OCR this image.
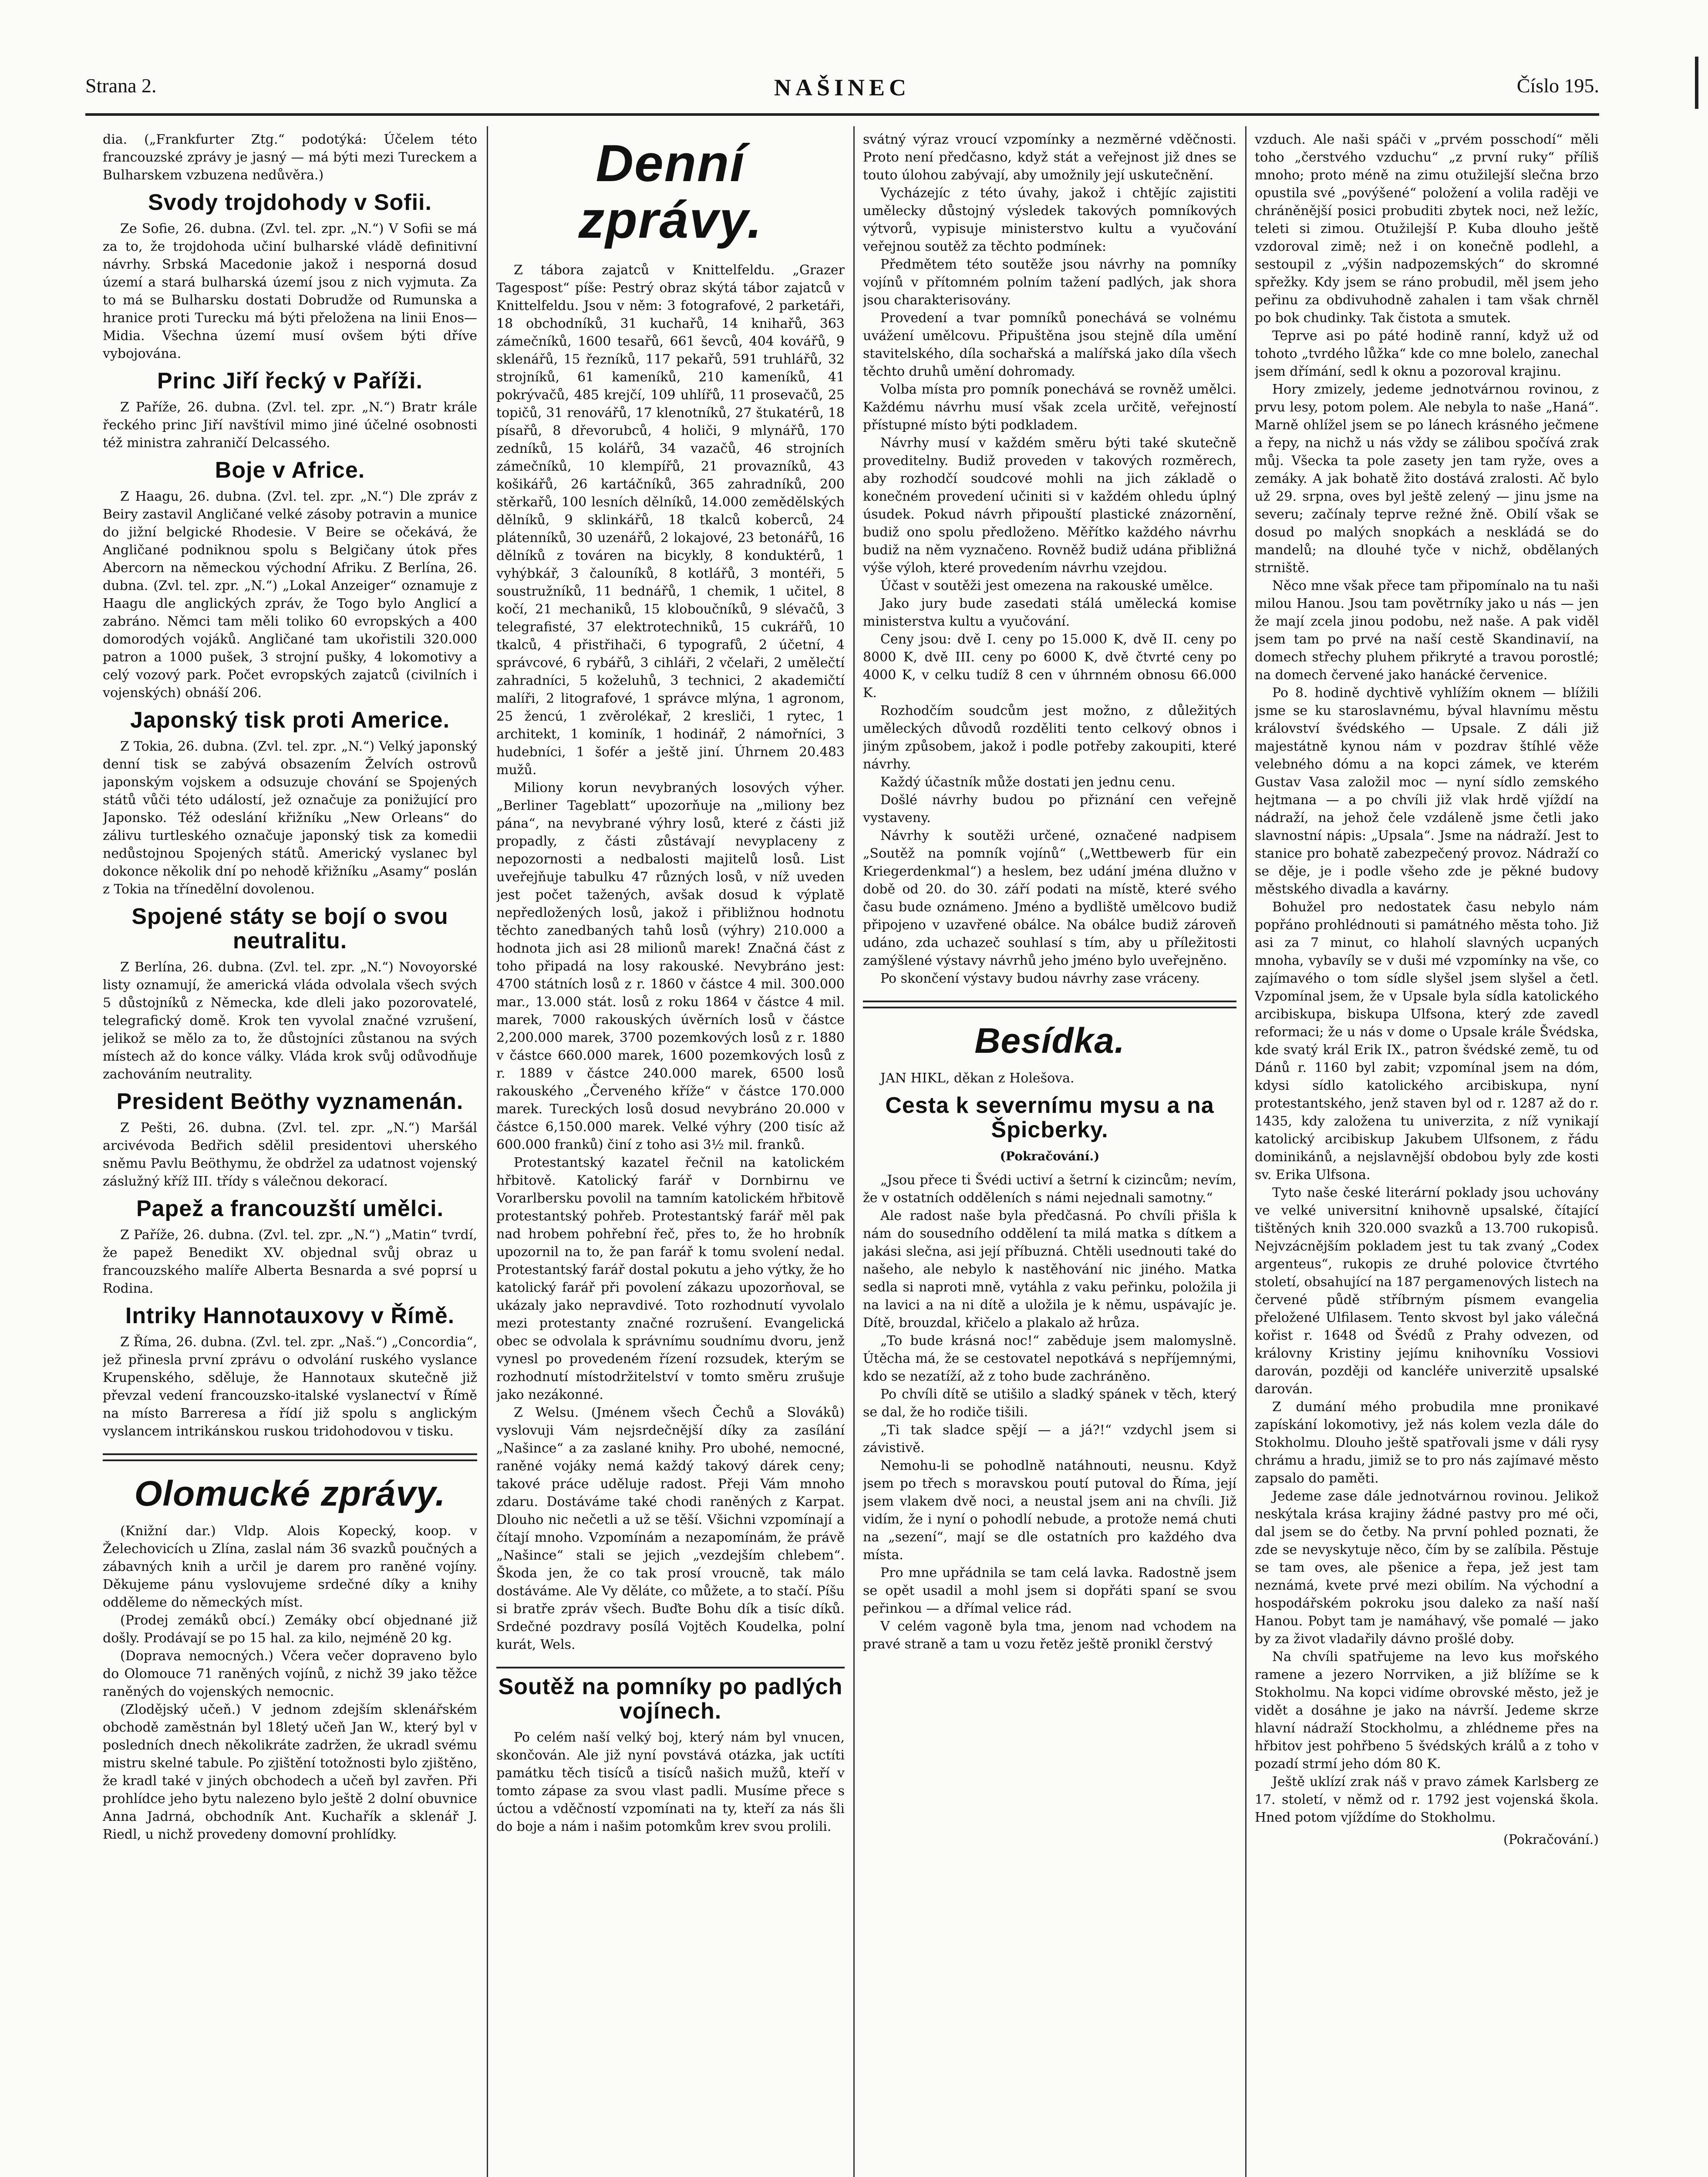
Strana 2.	NAŠINEC	Číslo 195.

dia. („Frankfurter Ztg.“ podotýká: Účelem této francouzské zprávy je jasný — má býti mezi Tureckem a Bulharskem vzbuzena nedůvěra.)

Svody trojdohody v Sofii.

Ze Sofie, 26. dubna. (Zvl. tel. zpr. „N.“) V Sofii se má za to, že trojdohoda učiní bulharské vládě definitivní návrhy. Srbská Macedonie jakož i nesporná dosud území a stará bulharská území jsou z nich vyjmuta. Za to má se Bulharsku dostati Dobrudže od Rumunska a hranice proti Turecku má býti přeložena na linii Enos—Midia. Všechna území musí ovšem býti dříve vybojována.

Princ Jiří řecký v Paříži.

Z Paříže, 26. dubna. (Zvl. tel. zpr. „N.“) Bratr krále řeckého princ Jiří navštívil mimo jiné účelné osobnosti též ministra zahraničí Delcassého.

Boje v Africe.

Z Haagu, 26. dubna. (Zvl. tel. zpr. „N.“) Dle zpráv z Beiry zastavil Angličané velké zásoby potravin a munice do jižní belgické Rhodesie. V Beire se očekává, že Angličané podniknou spolu s Belgičany útok přes Abercorn na německou východní Afriku. Z Berlína, 26. dubna. (Zvl. tel. zpr. „N.“) „Lokal Anzeiger“ oznamuje z Haagu dle anglických zpráv, že Togo bylo Anglicí a zabráno. Němci tam měli toliko 60 evropských a 400 domorodých vojáků. Angličané tam ukořistili 320.000 patron a 1000 pušek, 3 strojní pušky, 4 lokomotivy a celý vozový park. Počet evropských zajatců (civilních i vojenských) obnáší 206.

Japonský tisk proti Americe.

Z Tokia, 26. dubna. (Zvl. tel. zpr. „N.“) Velký japonský denní tisk se zabývá obsazením Želvích ostrovů japonským vojskem a odsuzuje chování se Spojených států vůči této událostí, jež označuje za ponižující pro Japonsko. Též odeslání křižníku „New Orleans“ do zálivu turtleského označuje japonský tisk za komedii nedůstojnou Spojených států. Americký vyslanec byl dokonce několik dní po nehodě křižníku „Asamy“ poslán z Tokia na třínedělní dovolenou.

Spojené státy se bojí o svou neutralitu.

Z Berlína, 26. dubna. (Zvl. tel. zpr. „N.“) Novoyorské listy oznamují, že americká vláda odvolala všech svých 5 důstojníků z Německa, kde dleli jako pozorovatelé, telegrafický domě. Krok ten vyvolal značné vzrušení, jelikož se mělo za to, že důstojníci zůstanou na svých místech až do konce války. Vláda krok svůj odůvodňuje zachováním neutrality.

President Beöthy vyznamenán.

Z Pešti, 26. dubna. (Zvl. tel. zpr. „N.“) Maršál arcivévoda Bedřich sdělil presidentovi uherského sněmu Pavlu Beöthymu, že obdržel za udatnost vojenský záslužný kříž III. třídy s válečnou dekorací.

Papež a francouzští umělci.

Z Paříže, 26. dubna. (Zvl. tel. zpr. „N.“) „Matin“ tvrdí, že papež Benedikt XV. objednal svůj obraz u francouzského malíře Alberta Besnarda a své poprsí u Rodina.

Intriky Hannotauxovy v Římě.

Z Říma, 26. dubna. (Zvl. tel. zpr. „Naš.“) „Concordia“, jež přinesla první zprávu o odvolání ruského vyslance Krupenského, sděluje, že Hannotaux skutečně již převzal vedení francouzsko-italské vyslanectví v Římě na místo Barreresa a řídí již spolu s anglickým vyslancem intrikánskou ruskou tridohodovou v tisku.

Olomucké zprávy.

(Knižní dar.) Vldp. Alois Kopecký, koop. v Želechovicích u Zlína, zaslal nám 36 svazků poučných a zábavných knih a určil je darem pro raněné vojíny. Děkujeme pánu vyslovujeme srdečné díky a knihy odděleme do německých míst.

(Prodej zemáků obcí.) Zemáky obcí objednané již došly. Prodávají se po 15 hal. za kilo, nejméně 20 kg.

(Doprava nemocných.) Včera večer dopraveno bylo do Olomouce 71 raněných vojínů, z nichž 39 jako těžce raněných do vojenských nemocnic.

(Zlodějský učeň.) V jednom zdejším sklenářském obchodě zaměstnán byl 18letý učeň Jan W., který byl v posledních dnech několikráte zadržen, že ukradl svému mistru skelné tabule. Po zjištění totožnosti bylo zjištěno, že kradl také v jiných obchodech a učeň byl zavřen. Při prohlídce jeho bytu nalezeno bylo ještě 2 dolní obuvnice Anna Jadrná, obchodník Ant. Kuchařík a sklenář J. Riedl, u nichž provedeny domovní prohlídky.

Denní zprávy.

Z tábora zajatců v Knittelfeldu. „Grazer Tagespost“ píše: Pestrý obraz skýtá tábor zajatců v Knittelfeldu. Jsou v něm: 3 fotografové, 2 parketáři, 18 obchodníků, 31 kuchařů, 14 knihařů, 363 zámečníků, 1600 tesařů, 661 ševců, 404 kovářů, 9 sklenářů, 15 řezníků, 117 pekařů, 591 truhlářů, 32 strojníků, 61 kameníků, 210 kameníků, 41 pokrývačů, 485 krejčí, 109 uhlířů, 11 prosevačů, 25 topičů, 31 renovářů, 17 klenotníků, 27 štukatérů, 18 písařů, 8 dřevorubců, 4 holiči, 9 mlynářů, 170 zedníků, 15 kolářů, 34 vazačů, 46 strojních zámečníků, 10 klempířů, 21 provazníků, 43 košikářů, 26 kartáčníků, 365 zahradníků, 200 stěrkařů, 100 lesních dělníků, 14.000 zemědělských dělníků, 9 sklinkářů, 18 tkalců koberců, 24 plátenníků, 30 uzenářů, 2 lokajové, 23 betonářů, 16 dělníků z továren na bicykly, 8 konduktérů, 1 vyhýbkář, 3 čalouníků, 8 kotlářů, 3 montéři, 5 soustružníků, 11 bednářů, 1 chemik, 1 učitel, 8 kočí, 21 mechaniků, 15 kloboučníků, 9 slévačů, 3 telegrafisté, 37 elektrotechniků, 15 cukrářů, 10 tkalců, 4 přistřihači, 6 typografů, 2 účetní, 4 správcové, 6 rybářů, 3 cihláři, 2 včelaři, 2 umělečtí zahradníci, 5 koželuhů, 3 technici, 2 akademičtí malíři, 2 litografové, 1 správce mlýna, 1 agronom, 25 žencú, 1 zvěrolékař, 2 kresliči, 1 rytec, 1 architekt, 1 kominík, 1 hodinář, 2 námořníci, 3 hudebníci, 1 šofér a ještě jiní. Úhrnem 20.483 mužů.

Miliony korun nevybraných losových výher. „Berliner Tageblatt“ upozorňuje na „miliony bez pána“, na nevybrané výhry losů, které z části již propadly, z části zůstávají nevyplaceny z nepozornosti a nedbalosti majitelů losů. List uveřejňuje tabulku 47 různých losů, v níž uveden jest počet tažených, avšak dosud k výplatě nepředložených losů, jakož i přibližnou hodnotu těchto zanedbaných tahů losů (výhry) 210.000 a hodnota jich asi 28 milionů marek! Značná část z toho připadá na losy rakouské. Nevybráno jest: 4700 státních losů z r. 1860 v částce 4 mil. 300.000 mar., 13.000 stát. losů z roku 1864 v částce 4 mil. marek, 7000 rakouských úvěrních losů v částce 2,200.000 marek, 3700 pozemkových losů z r. 1880 v částce 660.000 marek, 1600 pozemkových losů z r. 1889 v částce 240.000 marek, 6500 losů rakouského „Červeného kříže“ v částce 170.000 marek. Tureckých losů dosud nevybráno 20.000 v částce 6,150.000 marek. Velké výhry (200 tisíc až 600.000 franků) činí z toho asi 3½ mil. franků.

Protestantský kazatel řečnil na katolickém hřbitově. Katolický farář v Dornbirnu ve Vorarlbersku povolil na tamním katolickém hřbitově protestantský pohřeb. Protestantský farář měl pak nad hrobem pohřební řeč, přes to, že ho hrobník upozornil na to, že pan farář k tomu svolení nedal. Protestantský farář dostal pokutu a jeho výtky, že ho katolický farář při povolení zákazu upozorňoval, se ukázaly jako nepravdivé. Toto rozhodnutí vyvolalo mezi protestanty značné rozrušení. Evangelická obec se odvolala k správnímu soudnímu dvoru, jenž vynesl po provedeném řízení rozsudek, kterým se rozhodnutí místodržitelství v tomto směru zrušuje jako nezákonné.

Z Welsu. (Jménem všech Čechů a Slováků) vyslovuji Vám nejsrdečnější díky za zasílání „Našince“ a za zaslané knihy. Pro ubohé, nemocné, raněné vojáky nemá každý takový dárek ceny; takové práce uděluje radost. Přeji Vám mnoho zdaru. Dostáváme také chodi raněných z Karpat. Dlouho nic nečetli a už se těší. Všichni vzpomínají a čítají mnoho. Vzpomínám a nezapomínám, že právě „Našince“ stali se jejich „vezdejším chlebem“. Škoda jen, že co tak prosí vroucně, tak málo dostáváme. Ale Vy děláte, co můžete, a to stačí. Píšu si bratře zpráv všech. Buďte Bohu dík a tisíc díků. Srdečné pozdravy posílá Vojtěch Koudelka, polní kurát, Wels.

Soutěž na pomníky po padlých vojínech.

Po celém naší velký boj, který nám byl vnucen, skončován. Ale již nyní povstává otázka, jak uctíti památku těch tisíců a tisíců našich mužů, kteří v tomto zápase za svou vlast padli. Musíme přece s úctou a vděčností vzpomínati na ty, kteří za nás šli do boje a nám i našim potomkům krev svou prolili.

svátný výraz vroucí vzpomínky a nezměrné vděčnosti. Proto není předčasno, když stát a veřejnost již dnes se touto úlohou zabývají, aby umožnily její uskutečnění.

Vycházejíc z této úvahy, jakož i chtějíc zajistiti umělecky důstojný výsledek takových pomníkových výtvorů, vypisuje ministerstvo kultu a vyučování veřejnou soutěž za těchto podmínek:

Předmětem této soutěže jsou návrhy na pomníky vojínů v přítomném polním tažení padlých, jak shora jsou charakterisovány.

Provedení a tvar pomníků ponechává se volnému uvážení umělcovu. Připuštěna jsou stejně díla umění stavitelského, díla sochařská a malířská jako díla všech těchto druhů umění dohromady.

Volba místa pro pomník ponechává se rovněž umělci. Každému návrhu musí však zcela určitě, veřejností přístupné místo býti podkladem.

Návrhy musí v každém směru býti také skutečně proveditelny. Budiž proveden v takových rozměrech, aby rozhodčí soudcové mohli na jich základě o konečném provedení učiniti si v každém ohledu úplný úsudek. Pokud návrh připouští plastické znázornění, budiž ono spolu předloženo. Měřítko každého návrhu budiž na něm vyznačeno. Rovněž budiž udána přibližná výše výloh, které provedením návrhu vzejdou.

Účast v soutěži jest omezena na rakouské umělce.

Jako jury bude zasedati stálá umělecká komise ministerstva kultu a vyučování.

Ceny jsou: dvě I. ceny po 15.000 K, dvě II. ceny po 8000 K, dvě III. ceny po 6000 K, dvě čtvrté ceny po 4000 K, v celku tudíž 8 cen v úhrnném obnosu 66.000 K.

Rozhodčím soudcům jest možno, z důležitých uměleckých důvodů rozděliti tento celkový obnos i jiným způsobem, jakož i podle potřeby zakoupiti, které návrhy.

Každý účastník může dostati jen jednu cenu.

Došlé návrhy budou po přiznání cen veřejně vystaveny.

Návrhy k soutěži určené, označené nadpisem „Soutěž na pomník vojínů“ („Wettbewerb für ein Kriegerdenkmal“) a heslem, bez udání jména dlužno v době od 20. do 30. září podati na místě, které svého času bude oznámeno. Jméno a bydliště umělcovo budiž připojeno v uzavřené obálce. Na obálce budiž zároveň udáno, zda uchazeč souhlasí s tím, aby u příležitosti zamýšlené výstavy návrhů jeho jméno bylo uveřejněno.

Po skončení výstavy budou návrhy zase vráceny.

Besídka.

JAN HIKL, děkan z Holešova.

Cesta k severnímu mysu a na Špicberky.
(Pokračování.)

„Jsou přece ti Švédi uctiví a šetrní k cizincům; nevím, že v ostatních odděleních s námi nejednali samotny.“

Ale radost naše byla předčasná. Po chvíli přišla k nám do sousedního oddělení ta milá matka s dítkem a jakási slečna, asi její příbuzná. Chtěli usednouti také do našeho, ale nebylo k nastěhování nic jiného. Matka sedla si naproti mně, vytáhla z vaku peřinku, položila ji na lavici a na ni dítě a uložila je k němu, uspávajíc je. Dítě, brouzdal, křičelo a plakalo až hrůza.

„To bude krásná noc!“ zaběduje jsem malomyslně. Útěcha má, že se cestovatel nepotkává s nepříjemnými, kdo se nezatíží, až z toho bude zachráněno.

Po chvíli dítě se utišilo a sladký spánek v těch, který se dal, že ho rodiče tišili.

„Ti tak sladce spějí — a já?!“ vzdychl jsem si závistivě.

Nemohu-li se pohodlně natáhnouti, neusnu. Když jsem po třech s moravskou poutí putoval do Říma, její jsem vlakem dvě noci, a neustal jsem ani na chvíli. Již vidím, že i nyní o pohodlí nebude, a protože nemá chuti na „sezení“, mají se dle ostatních pro každého dva místa.

Pro mne upřádnila se tam celá lavka. Radostně jsem se opět usadil a mohl jsem si dopřáti spaní se svou peřinkou — a dřímal velice rád.

V celém vagoně byla tma, jenom nad vchodem na pravé straně a tam u vozu řetěz ještě pronikl čerstvý

vzduch. Ale naši spáči v „prvém posschodí“ měli toho „čerstvého vzduchu“ „z první ruky“ příliš mnoho; proto méně na zimu otužilejší slečna brzo opustila své „povýšené“ položení a volila raději ve chráněnější posici probuditi zbytek noci, než ležíc, teleti si zimou. Otužilejší P. Kuba dlouho ještě vzdoroval zimě; než i on konečně podlehl, a sestoupil z „výšin nadpozemských“ do skromné spřežky. Kdy jsem se ráno probudil, měl jsem jeho peřinu za obdivuhodně zahalen i tam však chrněl po bok chudinky. Tak čistota a smutek.

Teprve asi po páté hodině ranní, když už od tohoto „tvrdého lůžka“ kde co mne bolelo, zanechal jsem dřímání, sedl k oknu a pozoroval krajinu.

Hory zmizely, jedeme jednotvárnou rovinou, z prvu lesy, potom polem. Ale nebyla to naše „Haná“. Marně ohlížel jsem se po lánech krásného ječmene a řepy, na nichž u nás vždy se zálibou spočívá zrak můj. Všecka ta pole zasety jen tam ryže, oves a zemáky. A jak bohatě žito dostává zralosti. Ač bylo už 29. srpna, oves byl ještě zelený — jinu jsme na severu; začínaly teprve režné žně. Obilí však se dosud po malých snopkách a neskládá se do mandelů; na dlouhé tyče v nichž, obdělaných strniště.

Něco mne však přece tam připomínalo na tu naši milou Hanou. Jsou tam povětrníky jako u nás — jen že mají zcela jinou podobu, než naše. A pak viděl jsem tam po prvé na naší cestě Skandinavií, na domech střechy pluhem přikryté a travou porostlé; na domech červené jako hanácké červenice.

Po 8. hodině dychtivě vyhlížím oknem — blížili jsme se ku staroslavnému, býval hlavnímu městu království švédského — Upsale. Z dáli již majestátně kynou nám v pozdrav štíhlé věže velebného dómu a na kopci zámek, ve kterém Gustav Vasa založil moc — nyní sídlo zemského hejtmana — a po chvíli již vlak hrdě vjíždí na nádraží, na jehož čele vzdáleně jsme četli jako slavnostní nápis: „Upsala“. Jsme na nádraží. Jest to stanice pro bohatě zabezpečený provoz. Nádraží co se děje, je i podle všeho zde je pěkné budovy městského divadla a kavárny.

Bohužel pro nedostatek času nebylo nám popřáno prohlédnouti si památného města toho. Již asi za 7 minut, co hlaholí slavných ucpaných mnoha, vybavíly se v duši mé vzpomínky na vše, co zajímavého o tom sídle slyšel jsem slyšel a četl. Vzpomínal jsem, že v Upsale byla sídla katolického arcibiskupa, biskupa Ulfsona, který zde zavedl reformaci; že u nás v dome o Upsale krále Švédska, kde svatý král Erik IX., patron švédské země, tu od Dánů r. 1160 byl zabit; vzpomínal jsem na dóm, kdysi sídlo katolického arcibiskupa, nyní protestantského, jenž staven byl od r. 1287 až do r. 1435, kdy založena tu univerzita, z níž vynikají katolický arcibiskup Jakubem Ulfsonem, z řádu dominikánů, a nejslavnější obdobou byly zde kosti sv. Erika Ulfsona.

Tyto naše české literární poklady jsou uchovány ve velké universitní knihovně upsalské, čítající tištěných knih 320.000 svazků a 13.700 rukopisů. Nejvzácnějším pokladem jest tu tak zvaný „Codex argenteus“, rukopis ze druhé polovice čtvrtého století, obsahující na 187 pergamenových listech na červené půdě stříbrným písmem evangelia přeložené Ulfilasem. Tento skvost byl jako válečná kořist r. 1648 od Švédů z Prahy odvezen, od královny Kristiny jejímu knihovníku Vossiovi darován, později od kancléře univerzitě upsalské darován.

Z dumání mého probudila mne pronikavé zapískání lokomotivy, jež nás kolem vezla dále do Stokholmu. Dlouho ještě spatřovali jsme v dáli rysy chrámu a hradu, jimiž se to pro nás zajímavé město zapsalo do paměti.

Jedeme zase dále jednotvárnou rovinou. Jelikož neskýtala krása krajiny žádné pastvy pro mé oči, dal jsem se do četby. Na první pohled poznati, že zde se nevyskytuje něco, čím by se zalíbila. Pěstuje se tam oves, ale pšenice a řepa, jež jest tam neznámá, kvete prvé mezi obilím. Na východní a hospodářském pokroku jsou daleko za naší naší Hanou. Pobyt tam je namáhavý, vše pomalé — jako by za život vladařily dávno prošlé doby.

Na chvíli spatřujeme na levo kus mořského ramene a jezero Norrviken, a již blížíme se k Stokholmu. Na kopci vidíme obrovské město, jež je vidět a dosáhne je jako na návrší. Jedeme skrze hlavní nádraží Stockholmu, a zhlédneme přes na hřbitov jest pohřbeno 5 švédských králů a z toho v pozadí strmí jeho dóm 80 K.

Ještě uklízí zrak náš v pravo zámek Karlsberg ze 17. století, v němž od r. 1792 jest vojenská škola. Hned potom vjíždíme do Stokholmu.

(Pokračování.)
